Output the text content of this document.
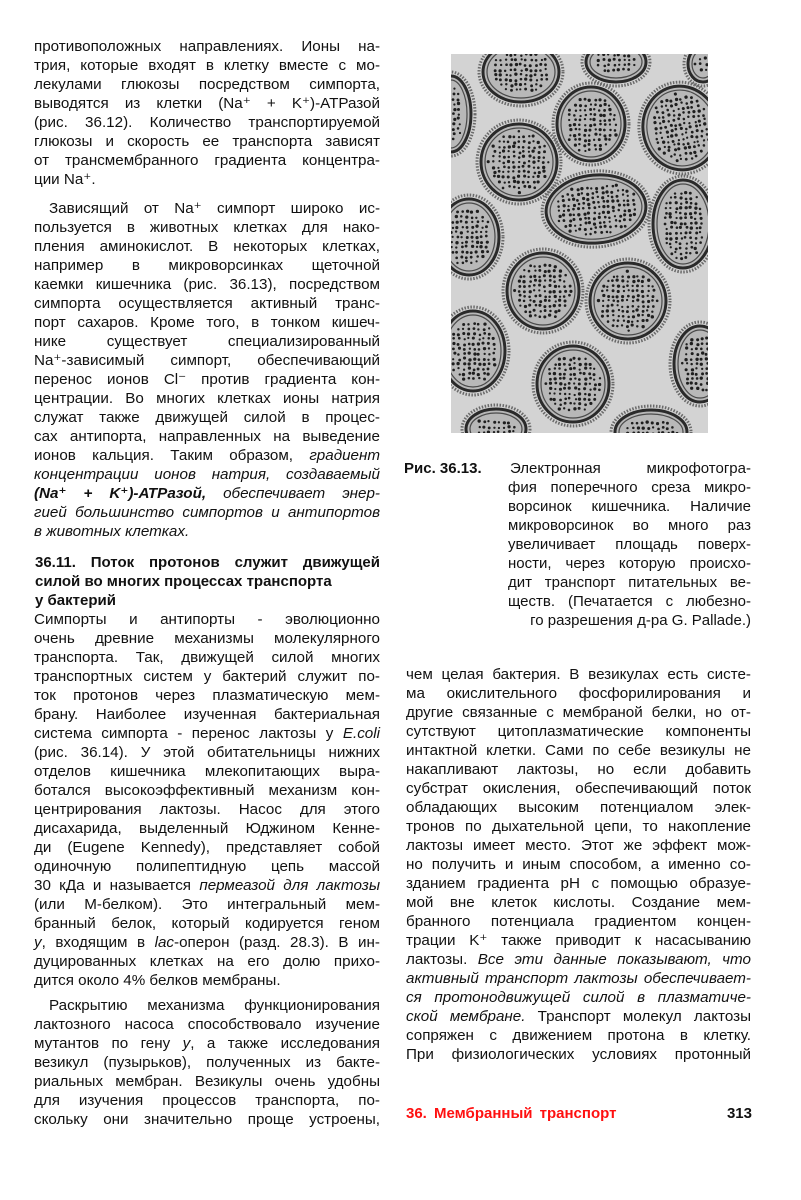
противоположных направлениях. Ионы на-
трия, которые входят в клетку вместе с мо-
лекулами глюкозы посредством симпорта,
выводятся из клетки (Na⁺ + K⁺)-АТРазой
(рис. 36.12). Количество транспортируемой
глюкозы и скорость ее транспорта зависят
от трансмембранного градиента концентра-
ции Na⁺.
Зависящий от Na⁺ симпорт широко ис-
пользуется в животных клетках для нако-
пления аминокислот. В некоторых клетках,
например в микроворсинках щеточной
каемки кишечника (рис. 36.13), посредством
симпорта осуществляется активный транс-
порт сахаров. Кроме того, в тонком кишеч-
нике существует специализированный
Na⁺-зависимый симпорт, обеспечивающий
перенос ионов Cl⁻ против градиента кон-
центрации. Во многих клетках ионы натрия
служат также движущей силой в процес-
сах антипорта, направленных на выведение
ионов кальция. Таким образом, градиент
концентрации ионов натрия, создаваемый
(Na⁺ + K⁺)-АТРазой, обеспечивает энер-
гией большинство симпортов и антипортов
в животных клетках.
36.11. Поток протонов служит движущей
силой во многих процессах транспорта
у бактерий
Симпорты и антипорты - эволюционно
очень древние механизмы молекулярного
транспорта. Так, движущей силой многих
транспортных систем у бактерий служит по-
ток протонов через плазматическую мем-
брану. Наиболее изученная бактериальная
система симпорта - перенос лактозы у E.coli
(рис. 36.14). У этой обитательницы нижних
отделов кишечника млекопитающих выра-
ботался высокоэффективный механизм кон-
центрирования лактозы. Насос для этого
дисахарида, выделенный Юджином Кенне-
ди (Eugene Kennedy), представляет собой
одиночную полипептидную цепь массой
30 кДа и называется пермеазой для лактозы
(или М-белком). Это интегральный мем-
бранный белок, который кодируется геном
y, входящим в lac-оперон (разд. 28.3). В ин-
дуцированных клетках на его долю прихо-
дится около 4% белков мембраны.
Раскрытию механизма функционирования
лактозного насоса способствовало изучение
мутантов по гену y, а также исследования
везикул (пузырьков), полученных из бакте-
риальных мембран. Везикулы очень удобны
для изучения процессов транспорта, по-
скольку они значительно проще устроены,
Рис. 36.13. Электронная микрофотогра-
фия поперечного среза микро-
ворсинок кишечника. Наличие
микроворсинок во много раз
увеличивает площадь поверх-
ности, через которую происхо-
дит транспорт питательных ве-
ществ. (Печатается с любезно-
го разрешения д-ра G. Pallade.)
чем целая бактерия. В везикулах есть систе-
ма окислительного фосфорилирования и
другие связанные с мембраной белки, но от-
сутствуют цитоплазматические компоненты
интактной клетки. Сами по себе везикулы не
накапливают лактозы, но если добавить
субстрат окисления, обеспечивающий поток
обладающих высоким потенциалом элек-
тронов по дыхательной цепи, то накопление
лактозы имеет место. Этот же эффект мож-
но получить и иным способом, а именно со-
зданием градиента pH с помощью образуе-
мой вне клеток кислоты. Создание мем-
бранного потенциала градиентом концен-
трации K⁺ также приводит к насасыванию
лактозы. Все эти данные показывают, что
активный транспорт лактозы обеспечивает-
ся протонодвижущей силой в плазматиче-
ской мембране. Транспорт молекул лактозы
сопряжен с движением протона в клетку.
При физиологических условиях протонный
36. Мембранный транспорт	313
